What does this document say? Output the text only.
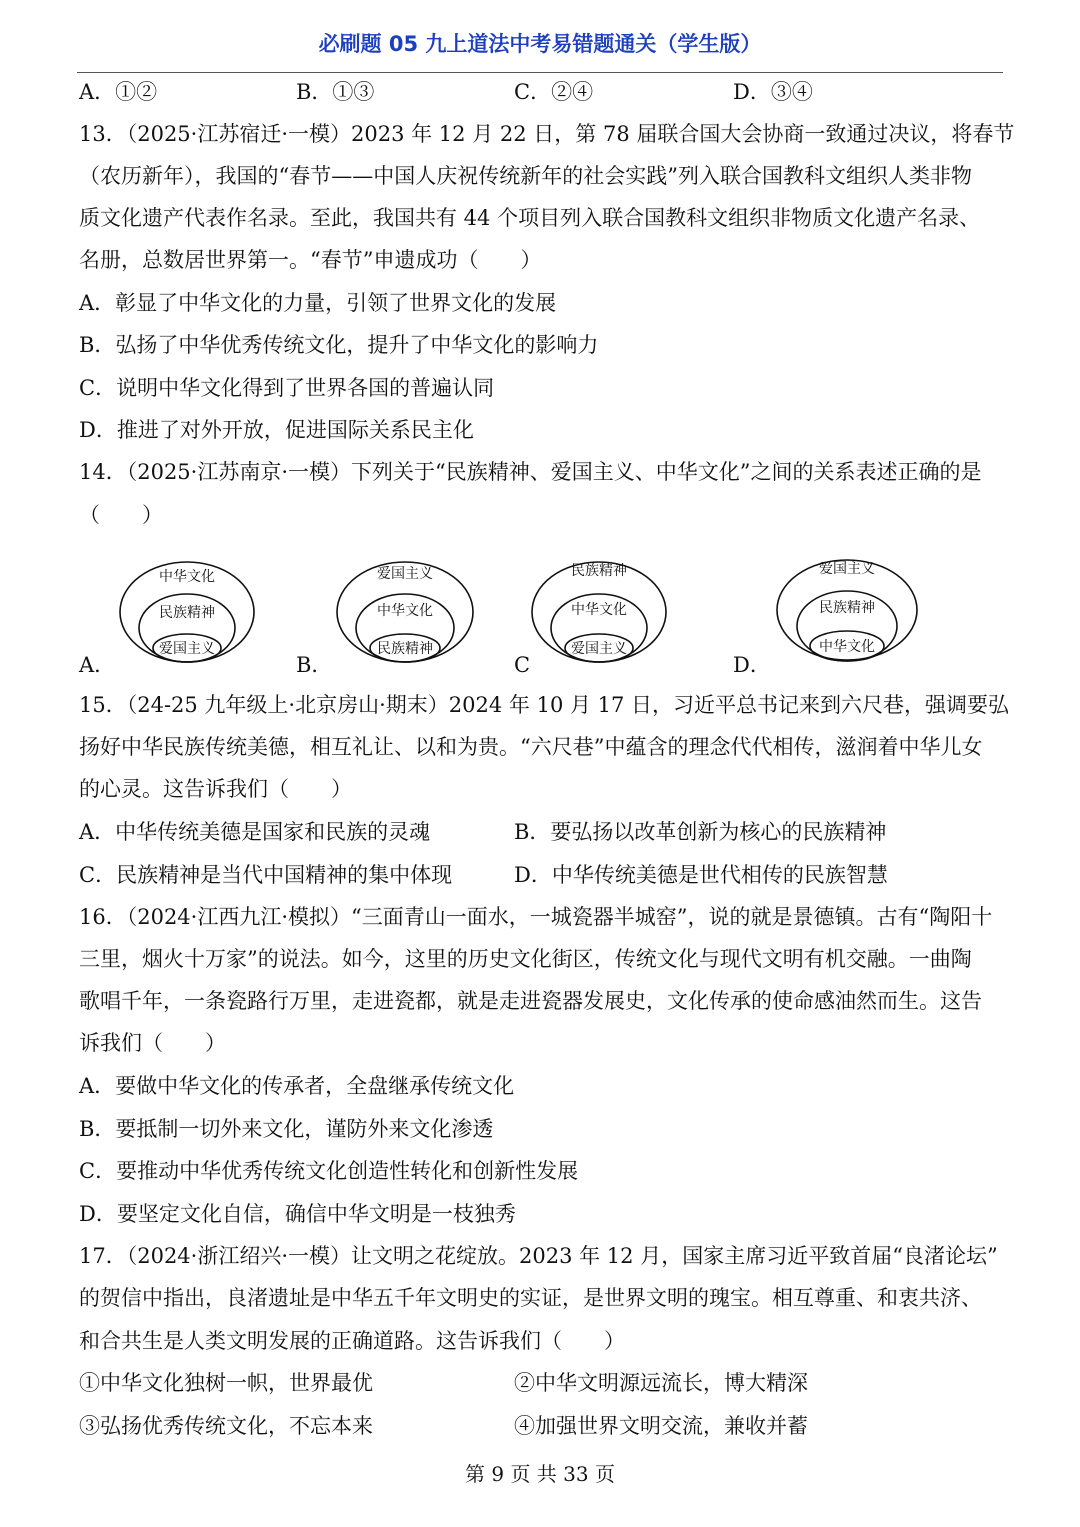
必刷题 05 九上道法中考易错题通关（学生版）
A．①②	B．①③	C．②④	D．③④
13．（2025·江苏宿迁·一模）2023 年 12 月 22 日，第 78 届联合国大会协商一致通过决议，将春节
（农历新年），我国的“春节——中国人庆祝传统新年的社会实践”列入联合国教科文组织人类非物
质文化遗产代表作名录。至此，我国共有 44 个项目列入联合国教科文组织非物质文化遗产名录、
名册，总数居世界第一。“春节”申遗成功（　　）
A．彰显了中华文化的力量，引领了世界文化的发展
B．弘扬了中华优秀传统文化，提升了中华文化的影响力
C．说明中华文化得到了世界各国的普遍认同
D．推进了对外开放，促进国际关系民主化
14．（2025·江苏南京·一模）下列关于“民族精神、爱国主义、中华文化”之间的关系表述正确的是
（　　）
A．
中华文化
民族精神
爱国主义
B．
爱国主义
中华文化
民族精神
C
民族精神
中华文化
爱国主义
D．
爱国主义
民族精神
中华文化
15．（24-25 九年级上·北京房山·期末）2024 年 10 月 17 日，习近平总书记来到六尺巷，强调要弘
扬好中华民族传统美德，相互礼让、以和为贵。“六尺巷”中蕴含的理念代代相传，滋润着中华儿女
的心灵。这告诉我们（　　）
A．中华传统美德是国家和民族的灵魂	B．要弘扬以改革创新为核心的民族精神
C．民族精神是当代中国精神的集中体现	D．中华传统美德是世代相传的民族智慧
16．（2024·江西九江·模拟）“三面青山一面水，一城瓷器半城窑”，说的就是景德镇。古有“陶阳十
三里，烟火十万家”的说法。如今，这里的历史文化街区，传统文化与现代文明有机交融。一曲陶
歌唱千年，一条瓷路行万里，走进瓷都，就是走进瓷器发展史，文化传承的使命感油然而生。这告
诉我们（　　）
A．要做中华文化的传承者，全盘继承传统文化
B．要抵制一切外来文化，谨防外来文化渗透
C．要推动中华优秀传统文化创造性转化和创新性发展
D．要坚定文化自信，确信中华文明是一枝独秀
17．（2024·浙江绍兴·一模）让文明之花绽放。2023 年 12 月，国家主席习近平致首届“良渚论坛”
的贺信中指出，良渚遗址是中华五千年文明史的实证，是世界文明的瑰宝。相互尊重、和衷共济、
和合共生是人类文明发展的正确道路。这告诉我们（　　）
①中华文化独树一帜，世界最优	②中华文明源远流长，博大精深
③弘扬优秀传统文化，不忘本来	④加强世界文明交流，兼收并蓄
第 9 页 共 33 页
